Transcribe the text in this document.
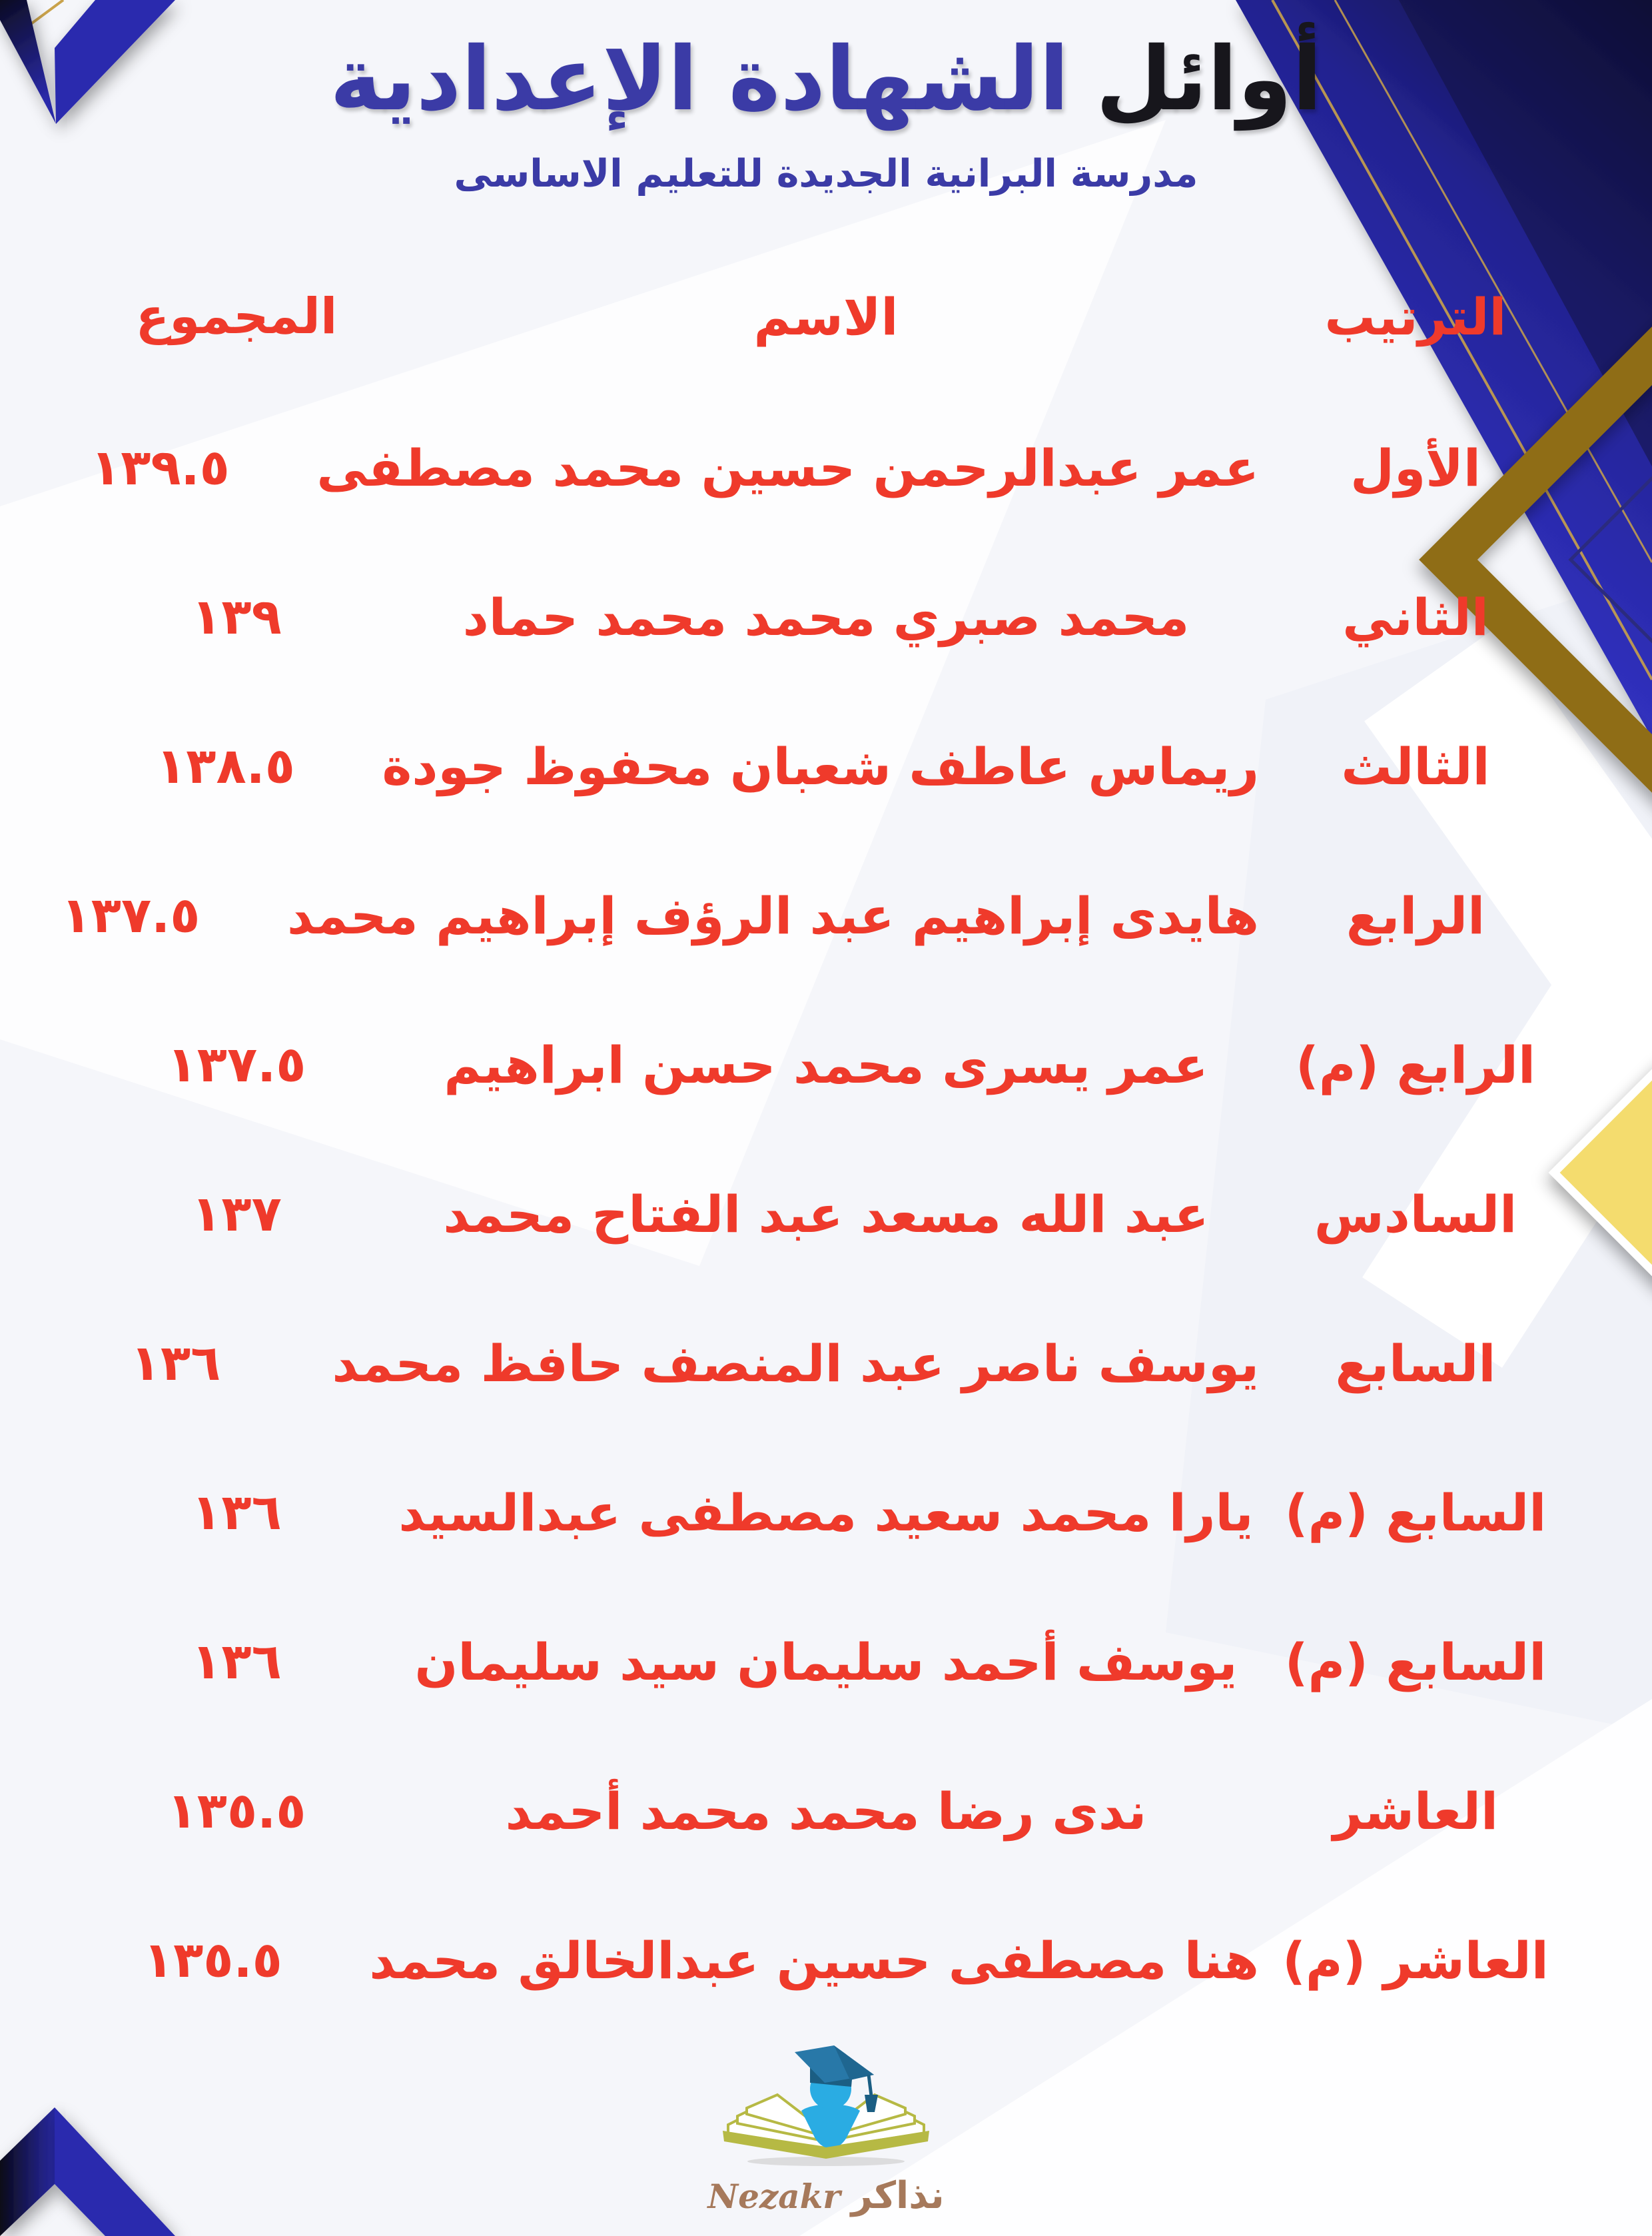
أوائل
الشهادة الإعدادية
مدرسة البرانية الجديدة للتعليم الاساسى
الترتيب
الاسم
المجموع
الأول
عمر عبدالرحمن حسين محمد مصطفى
١٣٩.٥
الثاني
محمد صبري محمد محمد حماد
١٣٩
الثالث
ريماس عاطف شعبان محفوظ جودة
١٣٨.٥
الرابع
هايدى إبراهيم عبد الرؤف إبراهيم محمد
١٣٧.٥
الرابع (م)
عمر يسرى محمد حسن ابراهيم
١٣٧.٥
السادس
عبد الله مسعد عبد الفتاح محمد
١٣٧
السابع
يوسف ناصر عبد المنصف حافظ محمد
١٣٦
السابع (م)
يارا محمد سعيد مصطفى عبدالسيد
١٣٦
السابع (م)
يوسف أحمد سليمان سيد سليمان
١٣٦
العاشر
ندى رضا محمد محمد أحمد
١٣٥.٥
العاشر (م)
هنا مصطفى حسين عبدالخالق محمد
١٣٥.٥
نذاكر
Nezakr
